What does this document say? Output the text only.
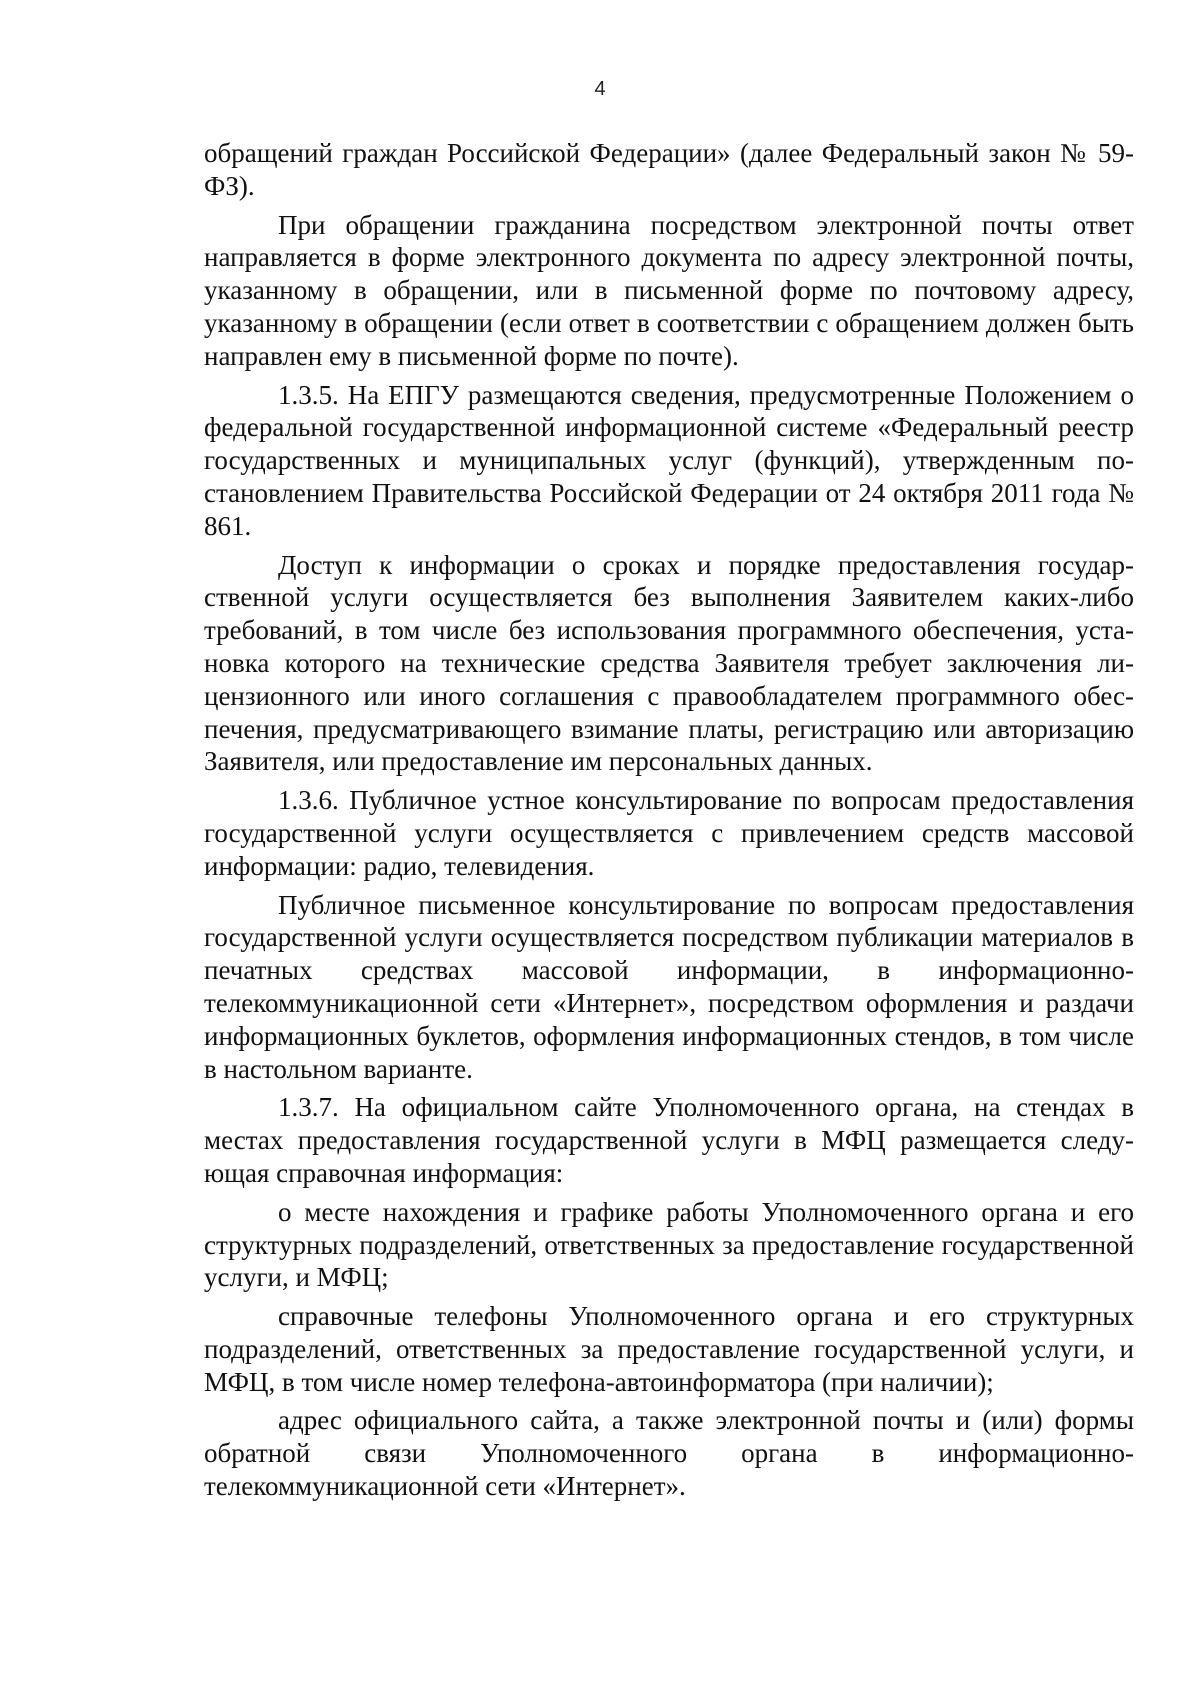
4

обращений граждан Российской Федерации» (далее Федеральный закон № 59-ФЗ).

При обращении гражданина посредством электронной почты ответ направляется в форме электронного документа по адресу электронной почты, указанному в обращении, или в письменной форме по почтовому адресу, указанному в обращении (если ответ в соответствии с обращением должен быть направлен ему в письменной форме по почте).

1.3.5. На ЕПГУ размещаются сведения, предусмотренные Положением о федеральной государственной информационной системе «Федеральный реестр государственных и муниципальных услуг (функций), утвержденным постановлением Правительства Российской Федерации от 24 октября 2011 года № 861.

Доступ к информации о сроках и порядке предоставления государственной услуги осуществляется без выполнения Заявителем каких-либо требований, в том числе без использования программного обеспечения, установка которого на технические средства Заявителя требует заключения лицензионного или иного соглашения с правообладателем программного обеспечения, предусматривающего взимание платы, регистрацию или авторизацию Заявителя, или предоставление им персональных данных.

1.3.6. Публичное устное консультирование по вопросам предоставления государственной услуги осуществляется с привлечением средств массовой информации: радио, телевидения.

Публичное письменное консультирование по вопросам предоставления государственной услуги осуществляется посредством публикации материалов в печатных средствах массовой информации, в информационно-телекоммуникационной сети «Интернет», посредством оформления и раздачи информационных буклетов, оформления информационных стендов, в том числе в настольном варианте.

1.3.7. На официальном сайте Уполномоченного органа, на стендах в местах предоставления государственной услуги в МФЦ размещается следующая справочная информация:

о месте нахождения и графике работы Уполномоченного органа и его структурных подразделений, ответственных за предоставление государственной услуги, и МФЦ;

справочные телефоны Уполномоченного органа и его структурных подразделений, ответственных за предоставление государственной услуги, и МФЦ, в том числе номер телефона-автоинформатора (при наличии);

адрес официального сайта, а также электронной почты и (или) формы обратной связи Уполномоченного органа в информационно-телекоммуникационной сети «Интернет».
